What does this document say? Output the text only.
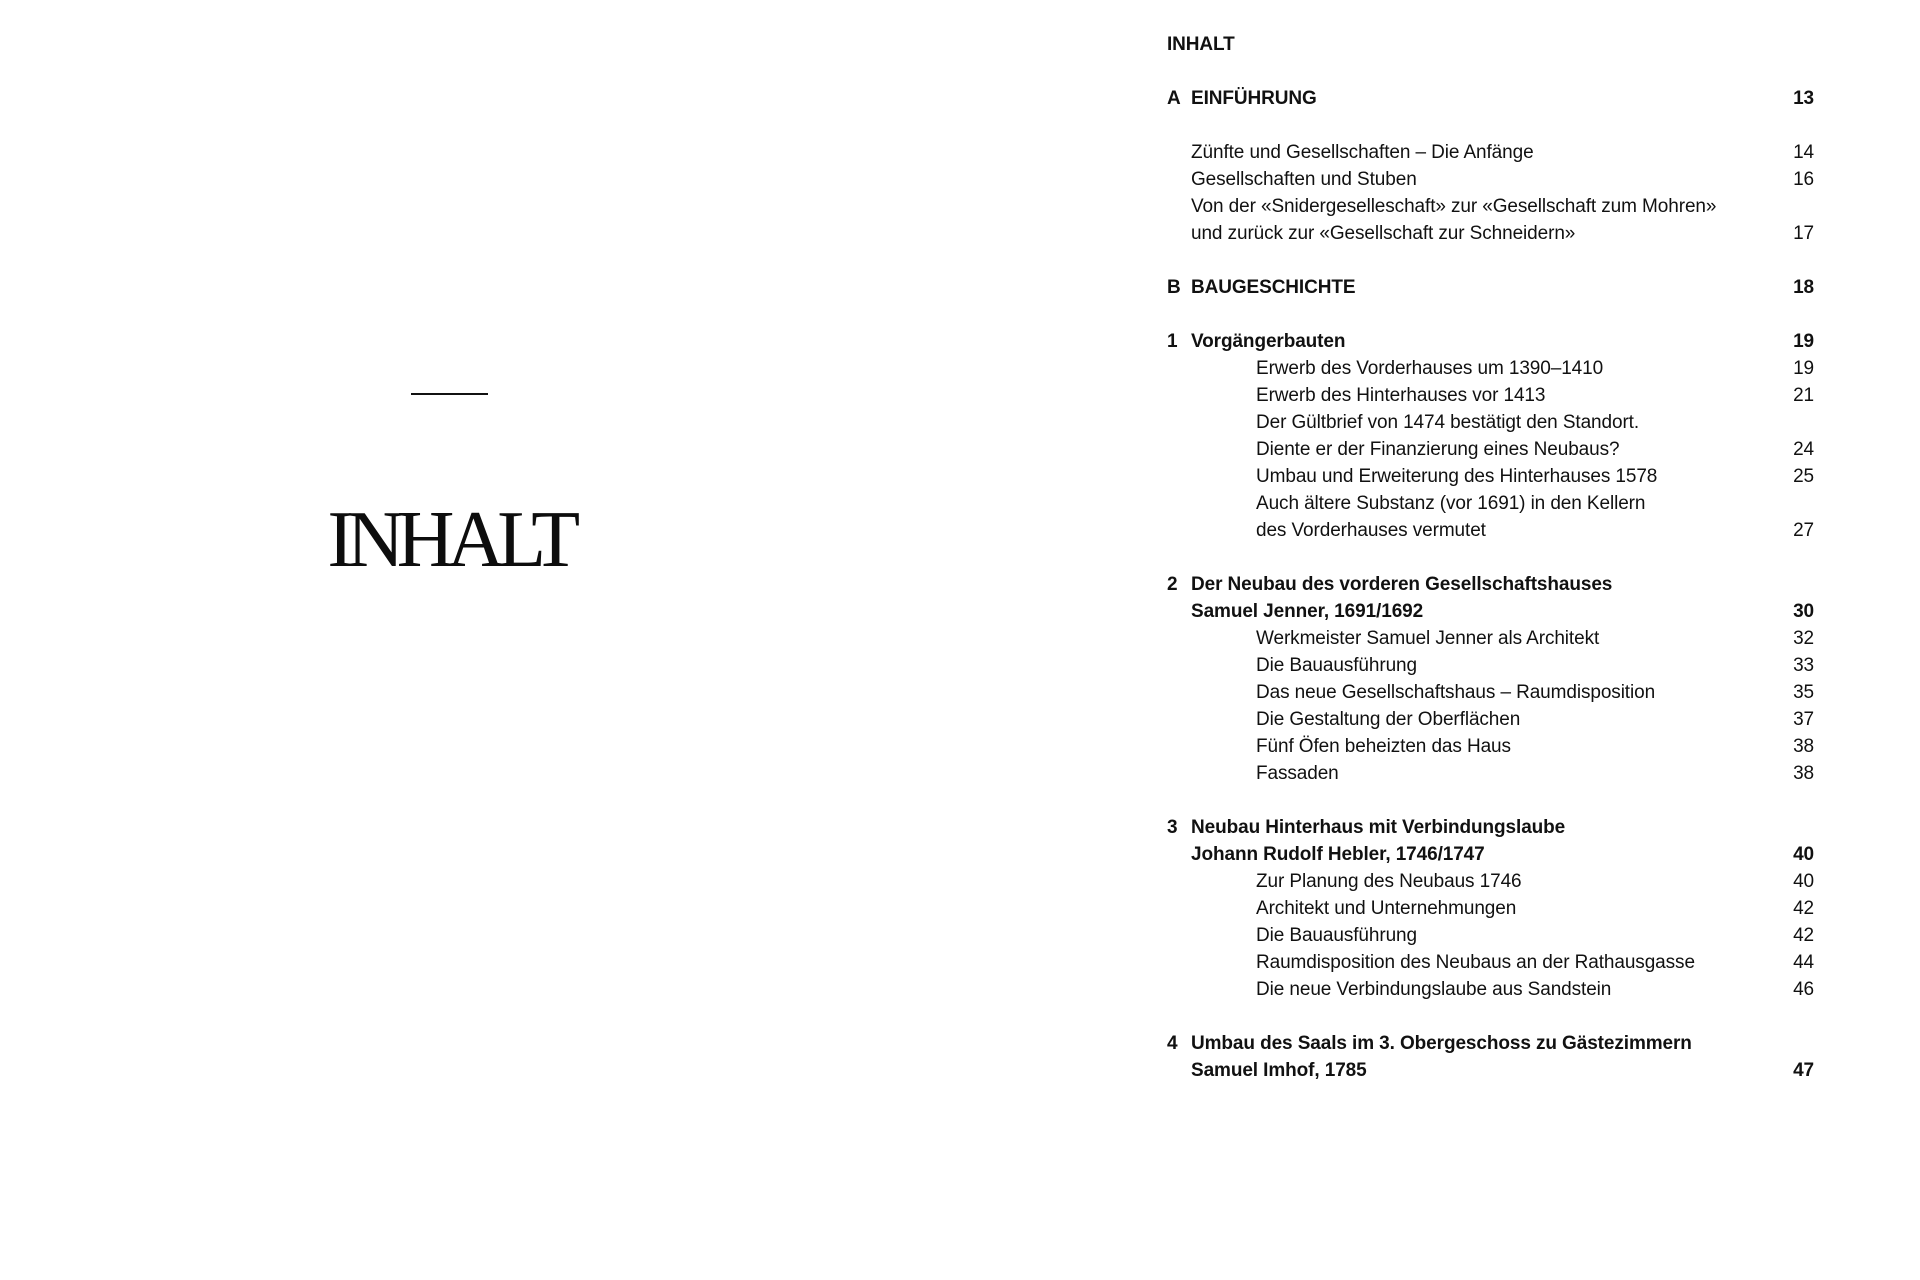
INHALT
INHALT
A EINFÜHRUNG	13
Zünfte und Gesellschaften – Die Anfänge	14
Gesellschaften und Stuben	16
Von der «Snidergeselleschaft» zur «Gesellschaft zum Mohren»
und zurück zur «Gesellschaft zur Schneidern»	17
B BAUGESCHICHTE	18
1 Vorgängerbauten	19
Erwerb des Vorderhauses um 1390–1410	19
Erwerb des Hinterhauses vor 1413	21
Der Gültbrief von 1474 bestätigt den Standort.
Diente er der Finanzierung eines Neubaus?	24
Umbau und Erweiterung des Hinterhauses 1578	25
Auch ältere Substanz (vor 1691) in den Kellern
des Vorderhauses vermutet	27
2 Der Neubau des vorderen Gesellschaftshauses
Samuel Jenner, 1691/1692	30
Werkmeister Samuel Jenner als Architekt	32
Die Bauausführung	33
Das neue Gesellschaftshaus – Raumdisposition	35
Die Gestaltung der Oberflächen	37
Fünf Öfen beheizten das Haus	38
Fassaden	38
3 Neubau Hinterhaus mit Verbindungslaube
Johann Rudolf Hebler, 1746/1747	40
Zur Planung des Neubaus 1746	40
Architekt und Unternehmungen	42
Die Bauausführung	42
Raumdisposition des Neubaus an der Rathausgasse	44
Die neue Verbindungslaube aus Sandstein	46
4 Umbau des Saals im 3. Obergeschoss zu Gästezimmern
Samuel Imhof, 1785	47
